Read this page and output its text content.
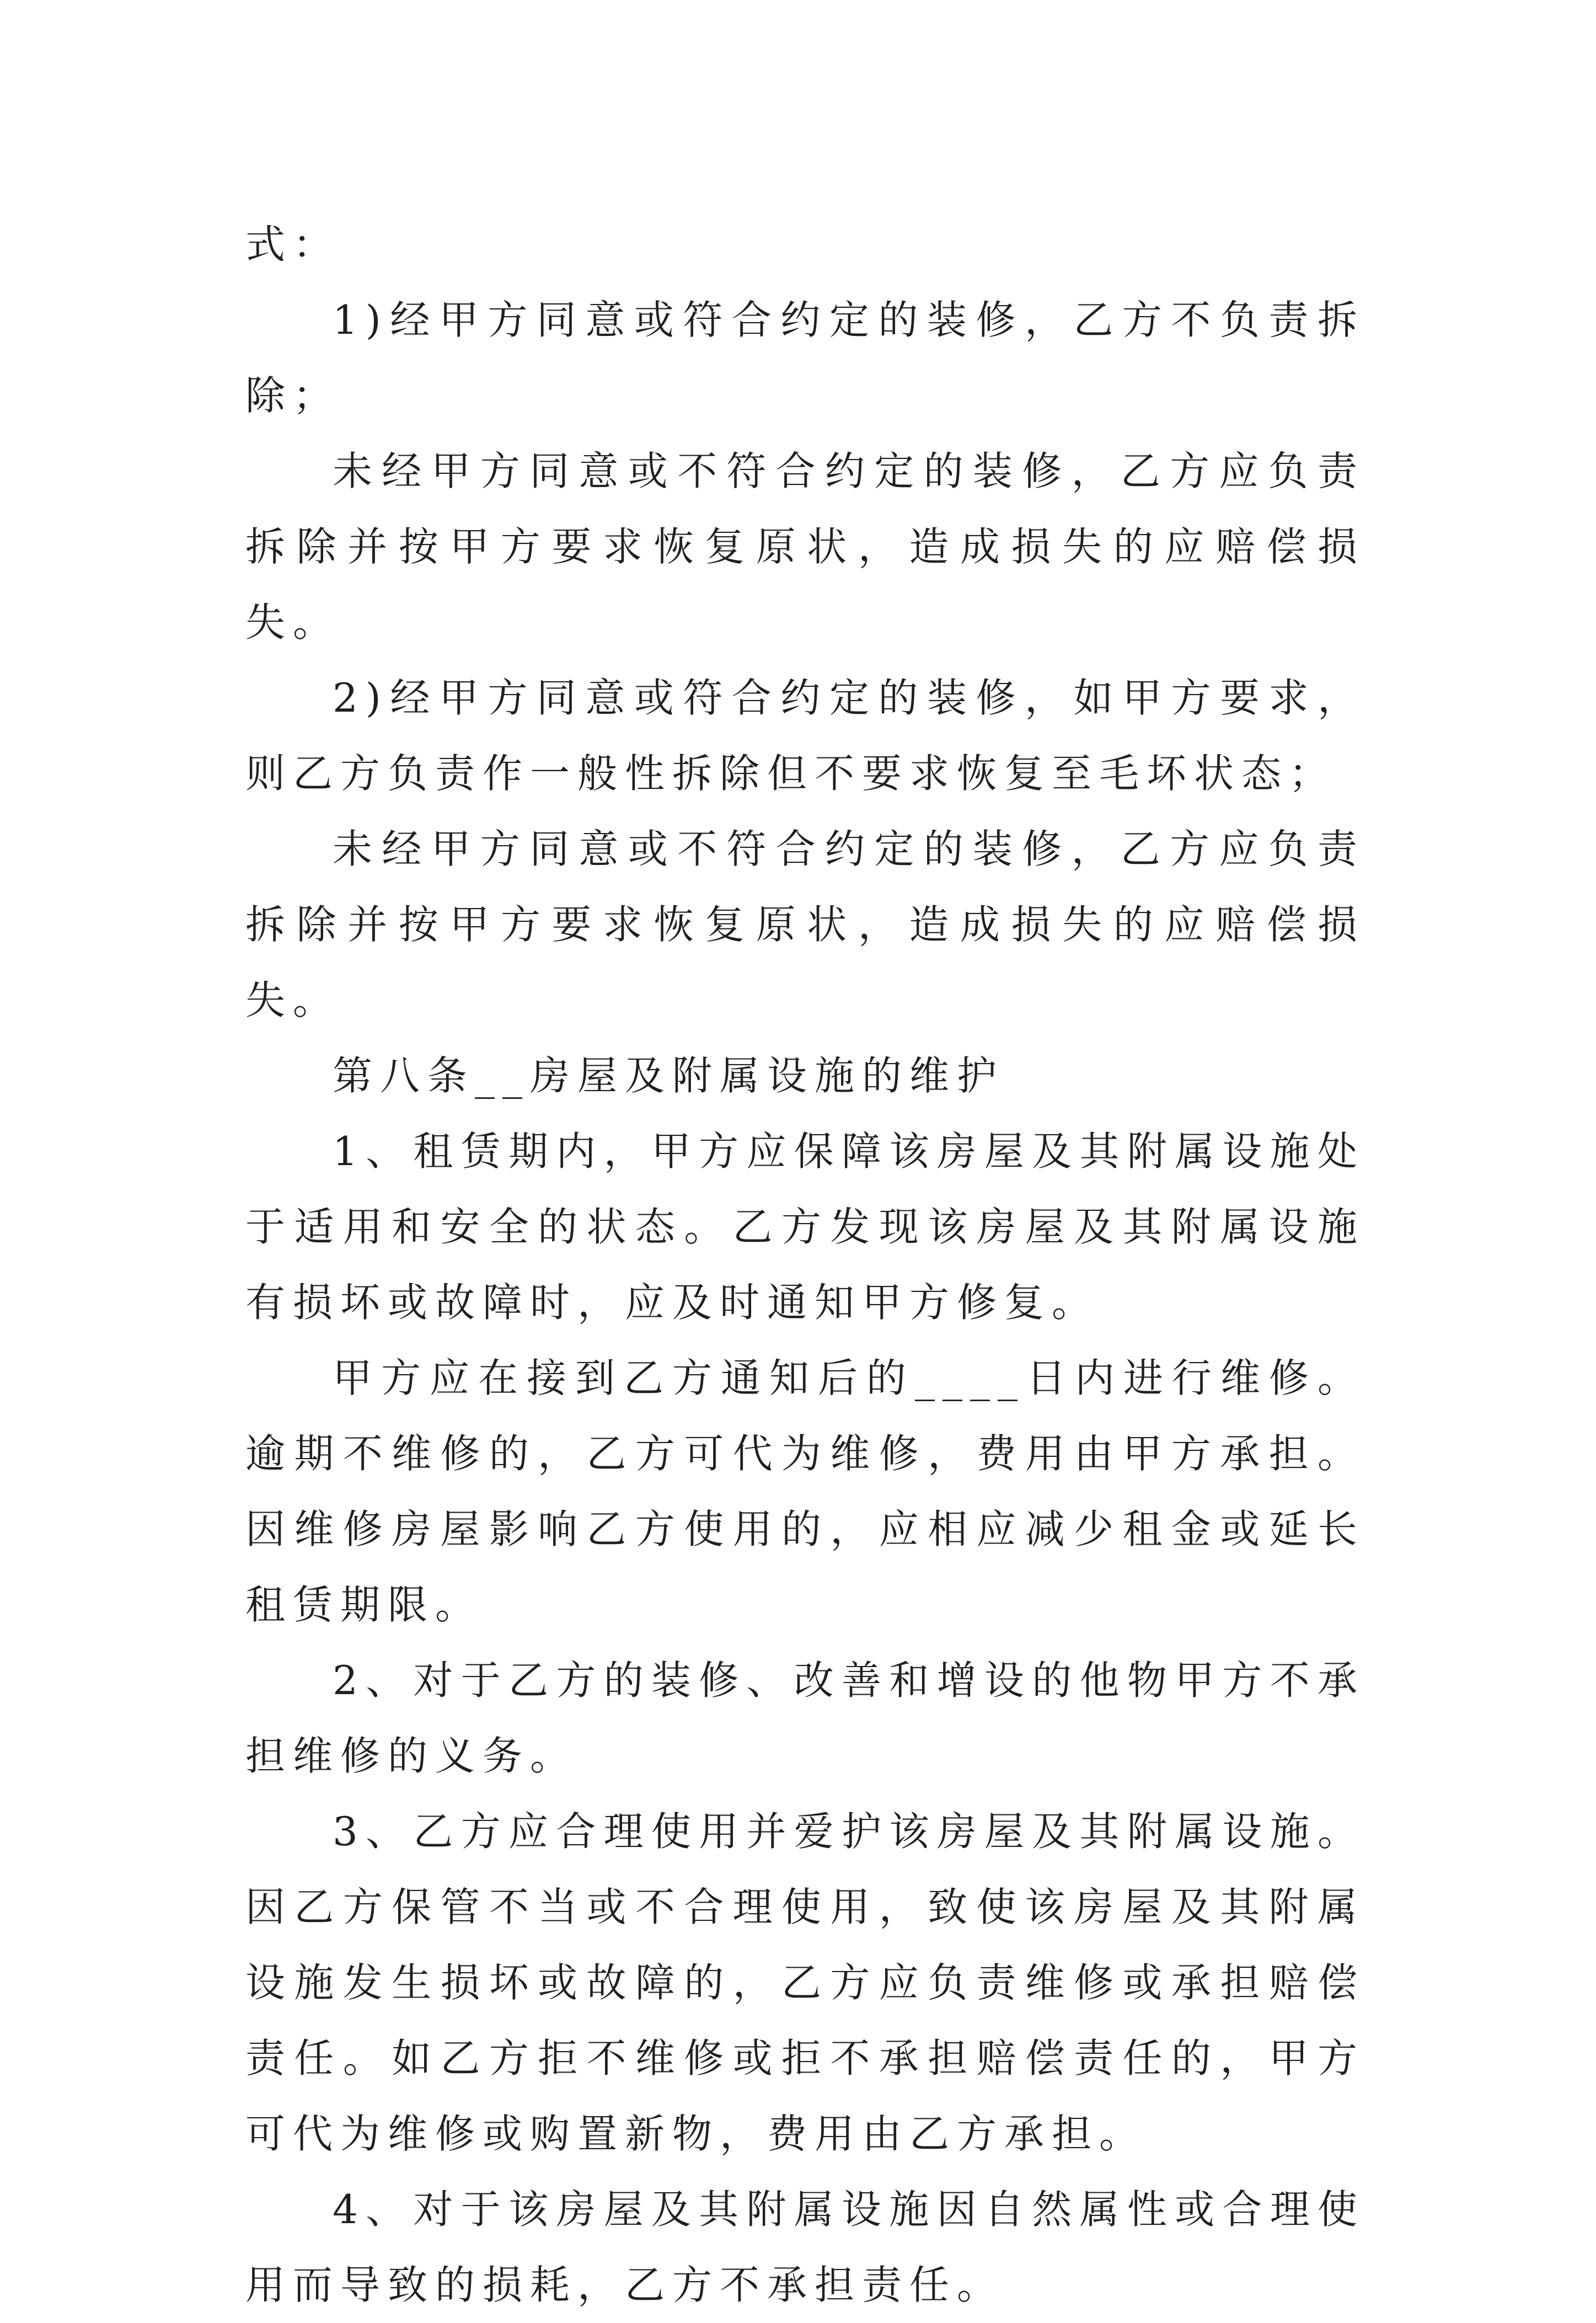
式：

1)经甲方同意或符合约定的装修，乙方不负责拆除；

未经甲方同意或不符合约定的装修，乙方应负责拆除并按甲方要求恢复原状，造成损失的应赔偿损失。

2)经甲方同意或符合约定的装修，如甲方要求，则乙方负责作一般性拆除但不要求恢复至毛坏状态；

未经甲方同意或不符合约定的装修，乙方应负责拆除并按甲方要求恢复原状，造成损失的应赔偿损失。

第八条__房屋及附属设施的维护

1、租赁期内，甲方应保障该房屋及其附属设施处于适用和安全的状态。乙方发现该房屋及其附属设施有损坏或故障时，应及时通知甲方修复。

甲方应在接到乙方通知后的____日内进行维修。逾期不维修的，乙方可代为维修，费用由甲方承担。因维修房屋影响乙方使用的，应相应减少租金或延长租赁期限。

2、对于乙方的装修、改善和增设的他物甲方不承担维修的义务。

3、乙方应合理使用并爱护该房屋及其附属设施。因乙方保管不当或不合理使用，致使该房屋及其附属设施发生损坏或故障的，乙方应负责维修或承担赔偿责任。如乙方拒不维修或拒不承担赔偿责任的，甲方可代为维修或购置新物，费用由乙方承担。

4、对于该房屋及其附属设施因自然属性或合理使用而导致的损耗，乙方不承担责任。
